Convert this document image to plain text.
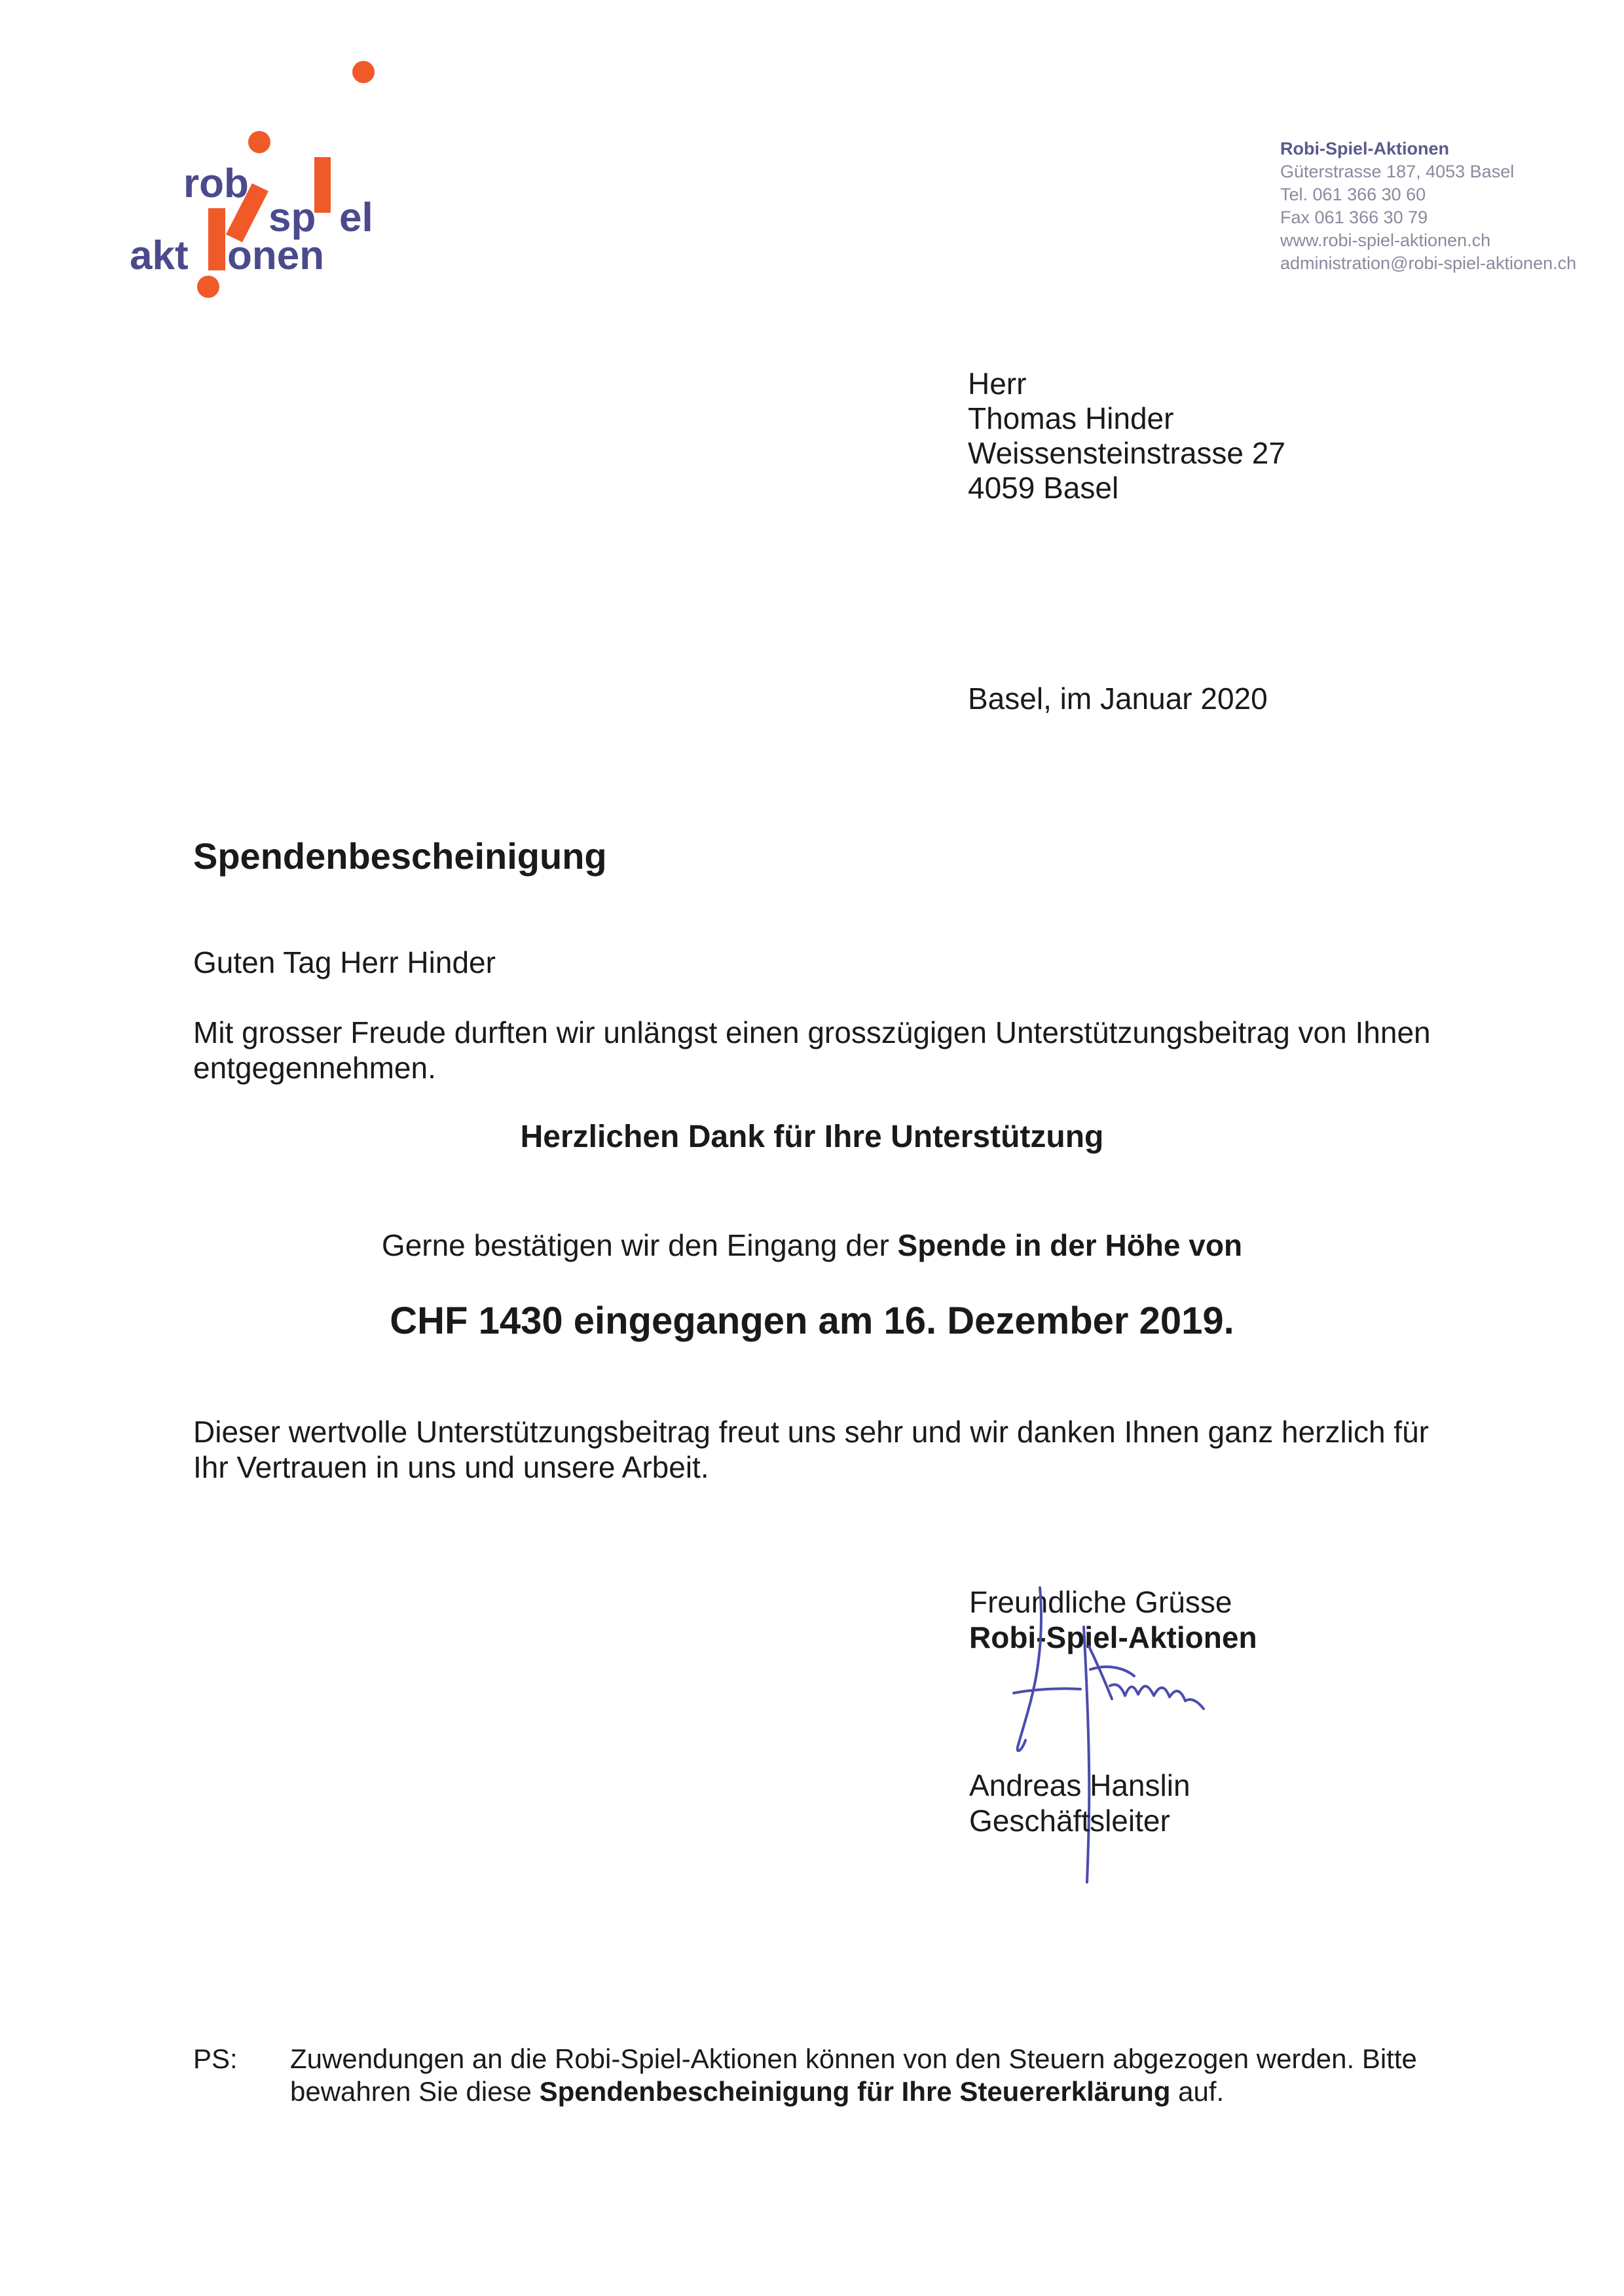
rob
sp el
akt onen
Robi-Spiel-Aktionen
Güterstrasse 187, 4053 Basel
Tel. 061 366 30 60
Fax 061 366 30 79
www.robi-spiel-aktionen.ch
administration@robi-spiel-aktionen.ch
Herr
Thomas Hinder
Weissensteinstrasse 27
4059 Basel
Basel, im Januar 2020
Spendenbescheinigung
Guten Tag Herr Hinder
Mit grosser Freude durften wir unlängst einen grosszügigen Unterstützungsbeitrag von Ihnen entgegennehmen.
Herzlichen Dank für Ihre Unterstützung
Gerne bestätigen wir den Eingang der Spende in der Höhe von
CHF 1430 eingegangen am 16. Dezember 2019.
Dieser wertvolle Unterstützungsbeitrag freut uns sehr und wir danken Ihnen ganz herzlich für Ihr Vertrauen in uns und unsere Arbeit.
Freundliche Grüsse
Robi-Spiel-Aktionen
Andreas Hanslin
Geschäftsleiter
PS: Zuwendungen an die Robi-Spiel-Aktionen können von den Steuern abgezogen werden. Bitte bewahren Sie diese Spendenbescheinigung für Ihre Steuererklärung auf.
